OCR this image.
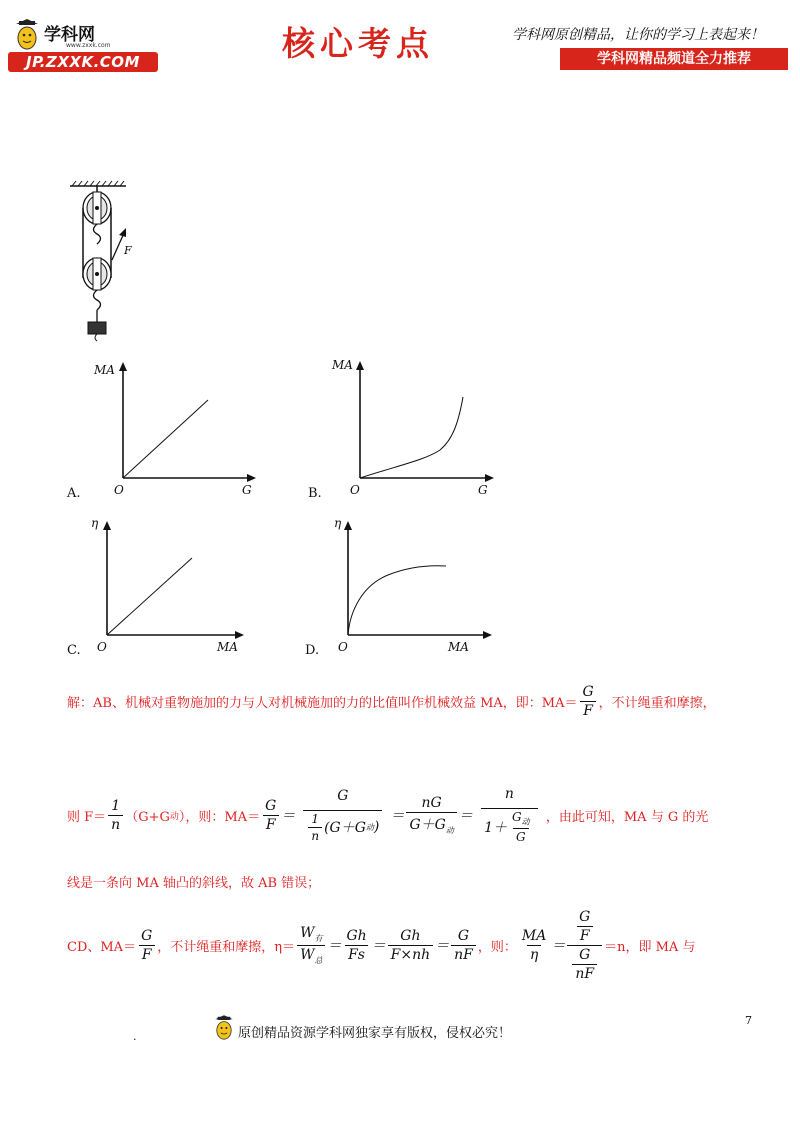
学科网
www.zxxk.com
JP.ZXXK.COM	核心考点	学科网原创精品，让你的学习上表起来！
学科网精品频道全力推荐
F
MA
O	G
A.
MA
O	G
B.
η
O	MA
C.
η
O	MA
D.
解：AB、机械对重物施加的力与人对机械施加的力的比值叫作机械效益 MA，即：$MA= \frac{G}{F}$ ，不计绳重和摩擦，
则 $F= \frac{1}{n} (G+G$ 动 ），则：$MA= \frac{G}{F} = \frac{G}{\frac{1}{n} (G+G 动 )} = \frac{nG}{G+G_动} = \frac{n}{1+ \frac{G_动}{G}}$ ，由此可知，MA 与 G 的光
线是一条向 MA 轴凸的斜线，故 AB 错误；
CD、$MA= \frac{G}{F}$ ，不计绳重和摩擦，$\eta= \frac{W_有}{W_总} = \frac{Gh}{Fs} = \frac{Gh}{F\times nh} = \frac{G}{nF}$ ，则： $\frac{MA}{\eta} = \frac{\frac{G}{F}}{\frac{G}{nF}} =n$，即 MA 与
7
.	原创精品资源学科网独家享有版权，侵权必究！
